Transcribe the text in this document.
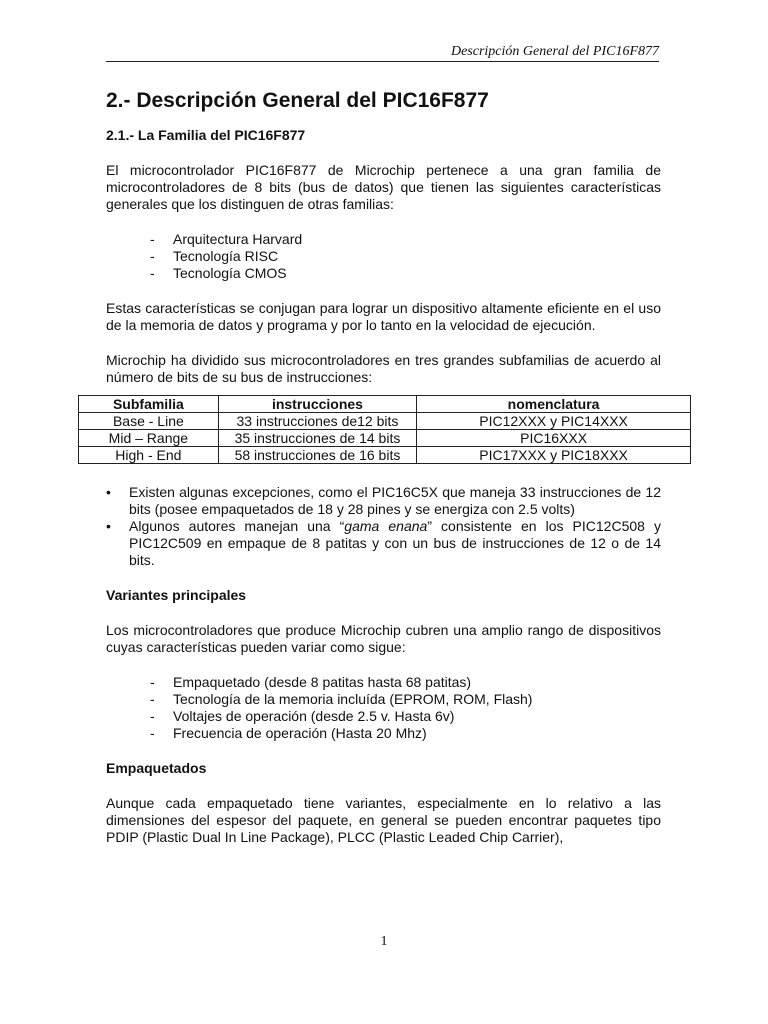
Descripción General del PIC16F877
2.- Descripción General del PIC16F877
2.1.- La Familia del PIC16F877

El microcontrolador PIC16F877 de Microchip pertenece a una gran familia de microcontroladores de 8 bits (bus de datos) que tienen las siguientes características generales que los distinguen de otras familias:

- Arquitectura Harvard
- Tecnología RISC
- Tecnología CMOS

Estas características se conjugan para lograr un dispositivo altamente eficiente en el uso de la memoria de datos y programa y por lo tanto en la velocidad de ejecución.

Microchip ha dividido sus microcontroladores en tres grandes subfamilias de acuerdo al número de bits de su bus de instrucciones:

Subfamilia	instrucciones	nomenclatura
Base - Line	33 instrucciones de12 bits	PIC12XXX y PIC14XXX
Mid – Range	35 instrucciones de 14 bits	PIC16XXX
High - End	58 instrucciones de 16 bits	PIC17XXX y PIC18XXX
• Existen algunas excepciones, como el PIC16C5X que maneja 33 instrucciones de 12 bits (posee empaquetados de 18 y 28 pines y se energiza con 2.5 volts)
• Algunos autores manejan una “gama enana” consistente en los PIC12C508 y PIC12C509 en empaque de 8 patitas y con un bus de instrucciones de 12 o de 14 bits.
Variantes principales

Los microcontroladores que produce Microchip cubren una amplio rango de dispositivos cuyas características pueden variar como sigue:

- Empaquetado (desde 8 patitas hasta 68 patitas)
- Tecnología de la memoria incluída (EPROM, ROM, Flash)
- Voltajes de operación (desde 2.5 v. Hasta 6v)
- Frecuencia de operación (Hasta 20 Mhz)
Empaquetados

Aunque cada empaquetado tiene variantes, especialmente en lo relativo a las dimensiones del espesor del paquete, en general se pueden encontrar paquetes tipo PDIP (Plastic Dual In Line Package), PLCC (Plastic Leaded Chip Carrier),

1
